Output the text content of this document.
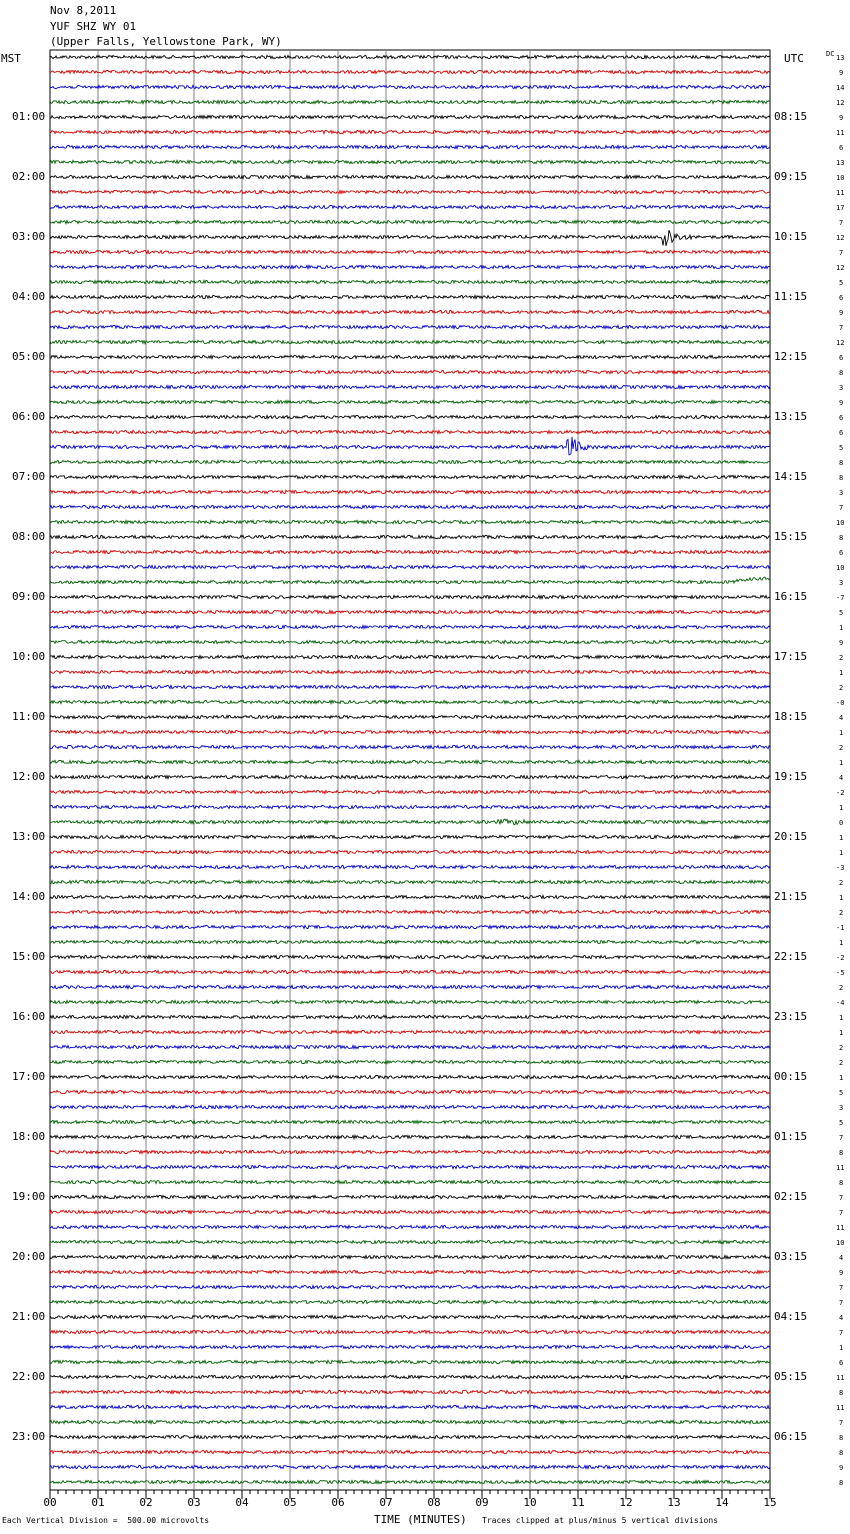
Nov 8,2011
YUF SHZ WY 01
(Upper Falls, Yellowstone Park, WY)
MST	UTC	DC
01:00
02:00
03:00
04:00
05:00
06:00
07:00
08:00
09:00
10:00
11:00
12:00
13:00
14:00
15:00
16:00
17:00
18:00
19:00
20:00
21:00
22:00
23:00
08:15
09:15
10:15
11:15
12:15
13:15
14:15
15:15
16:15
17:15
18:15
19:15
20:15
21:15
22:15
23:15
00:15
01:15
02:15
03:15
04:15
05:15
06:15
13
9
14
12
9
11
6
13
10
11
17
7
12
7
12
5
6
9
7
12
6
8
3
9
6
6
5
8
8
3
7
10
8
6
10
3
-7
5
1
9
2
1
2
-0
4
1
2
1
4
-2
1
0
1
1
-3
2
1
2
-1
1
-2
-5
2
-4
1
1
2
2
1
5
3
5
7
8
11
8
7
7
11
10
4
9
7
7
4
7
1
6
11
8
11
7
8
8
9
8
00	01	02	03	04	05	06	07	08	09	10	11	12	13	14	15
Each Vertical Division =  500.00 microvolts	TIME (MINUTES) Traces clipped at plus/minus 5 vertical divisions
